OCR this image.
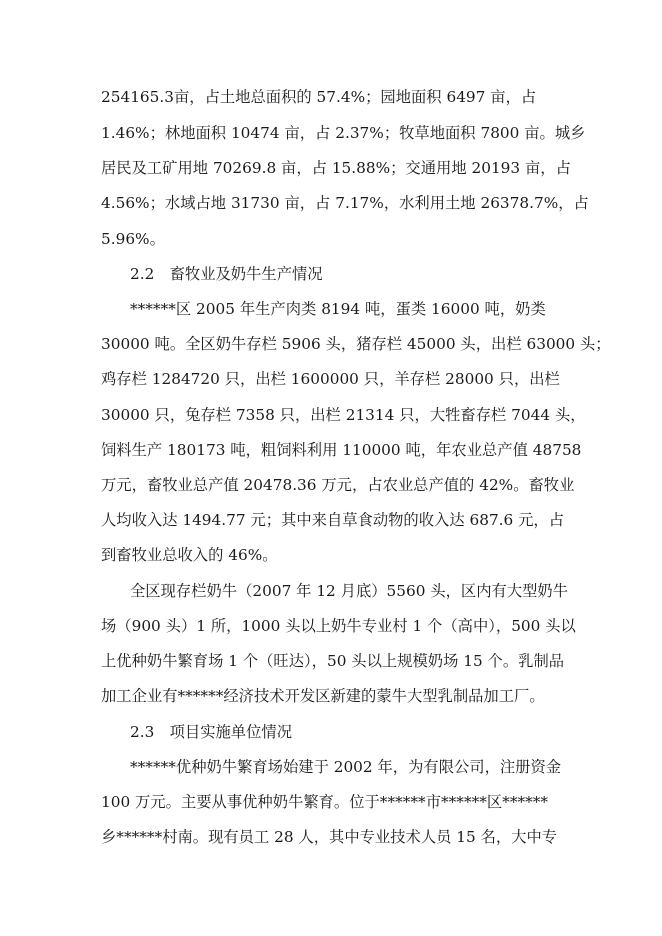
254165.3亩，占土地总面积的 57.4%；园地面积 6497 亩，占
1.46%；林地面积 10474 亩，占 2.37%；牧草地面积 7800 亩。城乡
居民及工矿用地 70269.8 亩，占 15.88%；交通用地 20193 亩，占
4.56%；水域占地 31730 亩，占 7.17%，水利用土地 26378.7%，占
5.96%。
2.2　畜牧业及奶牛生产情况
******区 2005 年生产肉类 8194 吨，蛋类 16000 吨，奶类
30000 吨。全区奶牛存栏 5906 头，猪存栏 45000 头，出栏 63000 头；
鸡存栏 1284720 只，出栏 1600000 只，羊存栏 28000 只，出栏
30000 只，兔存栏 7358 只，出栏 21314 只，大牲畜存栏 7044 头，
饲料生产 180173 吨，粗饲料利用 110000 吨，年农业总产值 48758
万元，畜牧业总产值 20478.36 万元，占农业总产值的 42%。畜牧业
人均收入达 1494.77 元；其中来自草食动物的收入达 687.6 元，占
到畜牧业总收入的 46%。
全区现存栏奶牛（2007 年 12 月底）5560 头，区内有大型奶牛
场（900 头）1 所，1000 头以上奶牛专业村 1 个（高中），500 头以
上优种奶牛繁育场 1 个（旺达），50 头以上规模奶场 15 个。乳制品
加工企业有******经济技术开发区新建的蒙牛大型乳制品加工厂。
2.3　项目实施单位情况
******优种奶牛繁育场始建于 2002 年，为有限公司，注册资金
100 万元。主要从事优种奶牛繁育。位于******市******区******
乡******村南。现有员工 28 人，其中专业技术人员 15 名，大中专
